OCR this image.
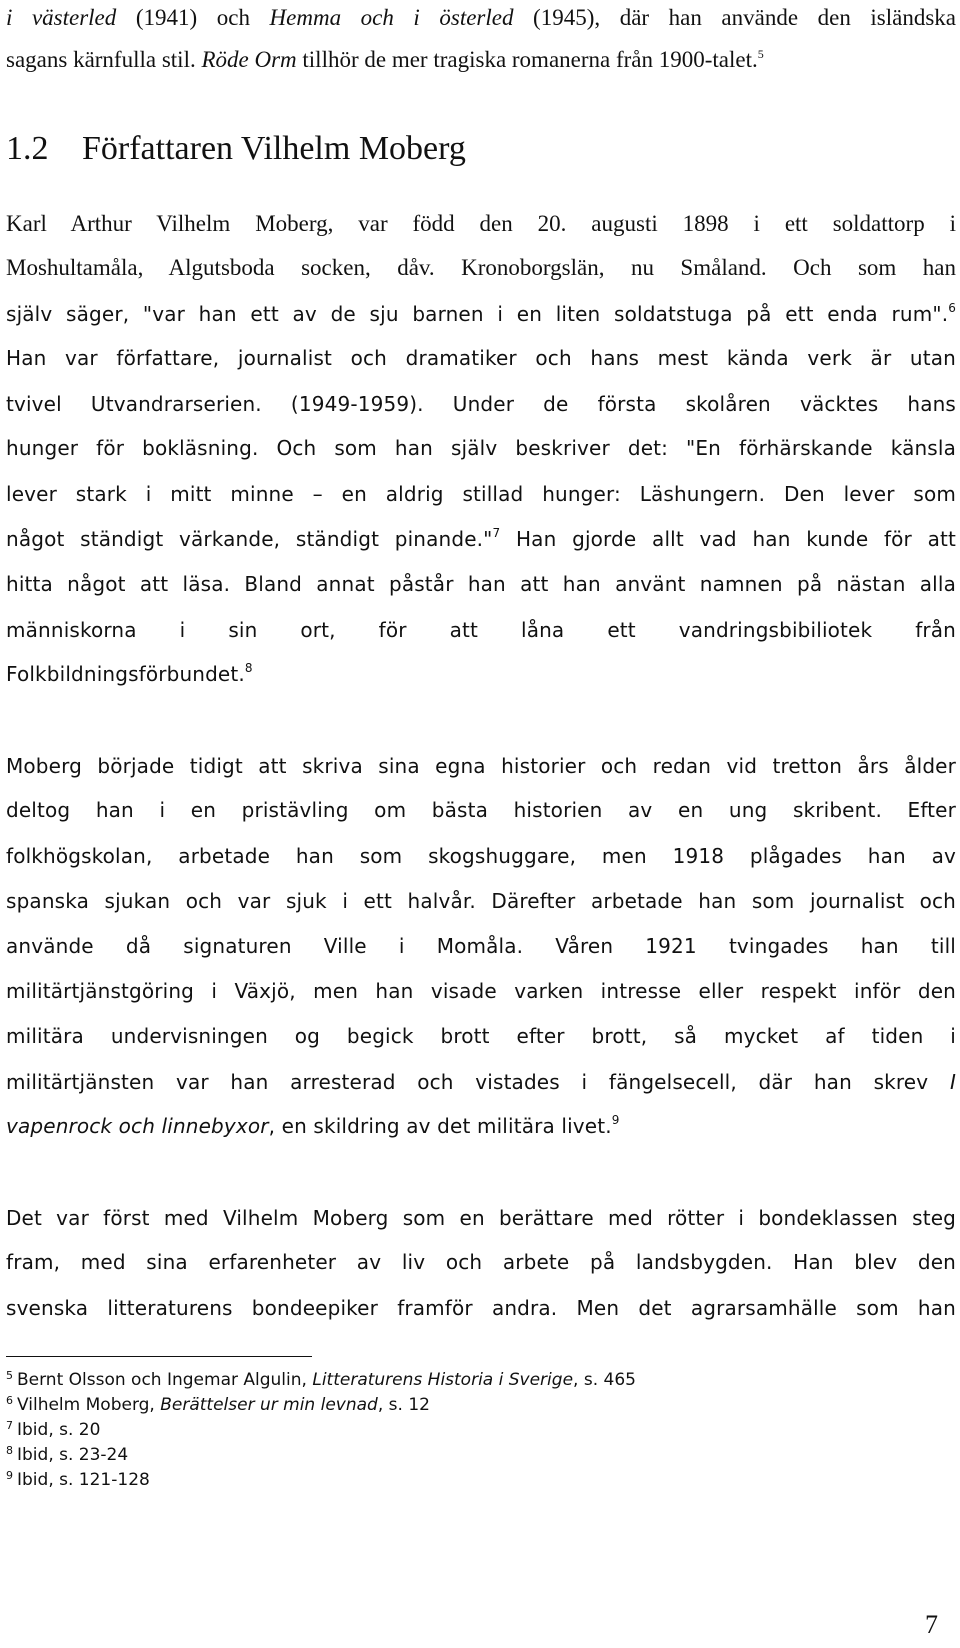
i västerled (1941) och Hemma och i österled (1945), där han använde den isländska
sagans kärnfulla stil. Röde Orm tillhör de mer tragiska romanerna från 1900-talet.$^5$
1.2 Författaren Vilhelm Moberg
Karl Arthur Vilhelm Moberg, var född den 20. augusti 1898 i ett soldattorp i
Moshultamåla, Algutsboda socken, dåv. Kronoborgslän, nu Småland. Och som han
själv säger, "var han ett av de sju barnen i en liten soldatstuga på ett enda rum".$^6$
Han var författare, journalist och dramatiker och hans mest kända verk är utan
tvivel Utvandrarserien. (1949-1959). Under de första skolåren väcktes hans
hunger för bokläsning. Och som han själv beskriver det: "En förhärskande känsla
lever stark i mitt minne – en aldrig stillad hunger: Läshungern. Den lever som
något ständigt värkande, ständigt pinande."$^7$ Han gjorde allt vad han kunde för att
hitta något att läsa. Bland annat påstår han att han använt namnen på nästan alla
människorna i sin ort, för att låna ett vandringsbibiliotek från
Folkbildningsförbundet.$^8$
Moberg började tidigt att skriva sina egna historier och redan vid tretton års ålder
deltog han i en pristävling om bästa historien av en ung skribent. Efter
folkhögskolan, arbetade han som skogshuggare, men 1918 plågades han av
spanska sjukan och var sjuk i ett halvår. Därefter arbetade han som journalist och
använde då signaturen Ville i Momåla. Våren 1921 tvingades han till
militärtjänstgöring i Växjö, men han visade varken intresse eller respekt inför den
militära undervisningen og begick brott efter brott, så mycket af tiden i
militärtjänsten var han arresterad och vistades i fängelsecell, där han skrev I
vapenrock och linnebyxor, en skildring av det militära livet.$^9$
Det var först med Vilhelm Moberg som en berättare med rötter i bondeklassen steg
fram, med sina erfarenheter av liv och arbete på landsbygden. Han blev den
svenska litteraturens bondeepiker framför andra. Men det agrarsamhälle som han
$^5$ Bernt Olsson och Ingemar Algulin, Litteraturens Historia i Sverige, s. 465
$^6$ Vilhelm Moberg, Berättelser ur min levnad, s. 12
$^7$ Ibid, s. 20
$^8$ Ibid, s. 23-24
$^9$ Ibid, s. 121-128
7
